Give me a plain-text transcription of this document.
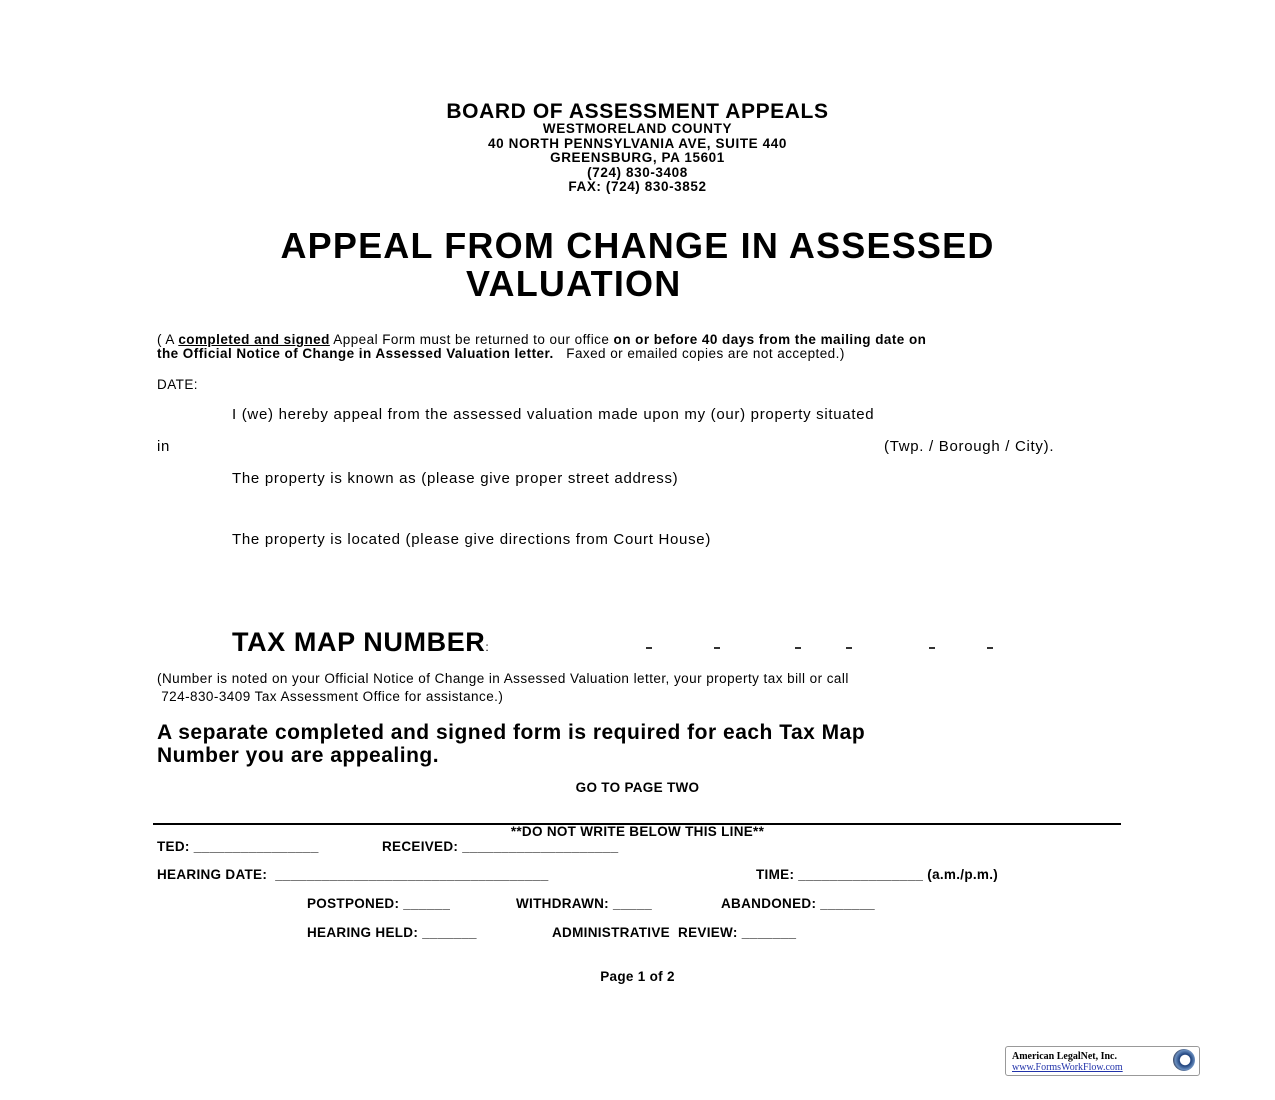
BOARD OF ASSESSMENT APPEALS
WESTMORELAND COUNTY
40 NORTH PENNSYLVANIA AVE, SUITE 440
GREENSBURG, PA 15601
(724) 830-3408
FAX: (724) 830-3852
APPEAL FROM CHANGE IN ASSESSED
VALUATION
( A completed and signed Appeal Form must be returned to our office on or before 40 days from the mailing date on
the Official Notice of Change in Assessed Valuation letter.   Faxed or emailed copies are not accepted.)
DATE:
I (we) hereby appeal from the assessed valuation made upon my (our) property situated
in	(Twp. / Borough / City).
The property is known as (please give proper street address)
The property is located (please give directions from Court House)
TAX MAP NUMBER:
(Number is noted on your Official Notice of Change in Assessed Valuation letter, your property tax bill or call
724-830-3409 Tax Assessment Office for assistance.)
A separate completed and signed form is required for each Tax Map
Number you are appealing.
GO TO PAGE TWO
**DO NOT WRITE BELOW THIS LINE**
TED: ________________	RECEIVED: ____________________
HEARING DATE:  ___________________________________	TIME: ________________ (a.m./p.m.)
POSTPONED: ______	WITHDRAWN: _____	ABANDONED: _______
HEARING HELD: _______	ADMINISTRATIVE  REVIEW: _______
Page 1 of 2
American LegalNet, Inc.
www.FormsWorkFlow.com
